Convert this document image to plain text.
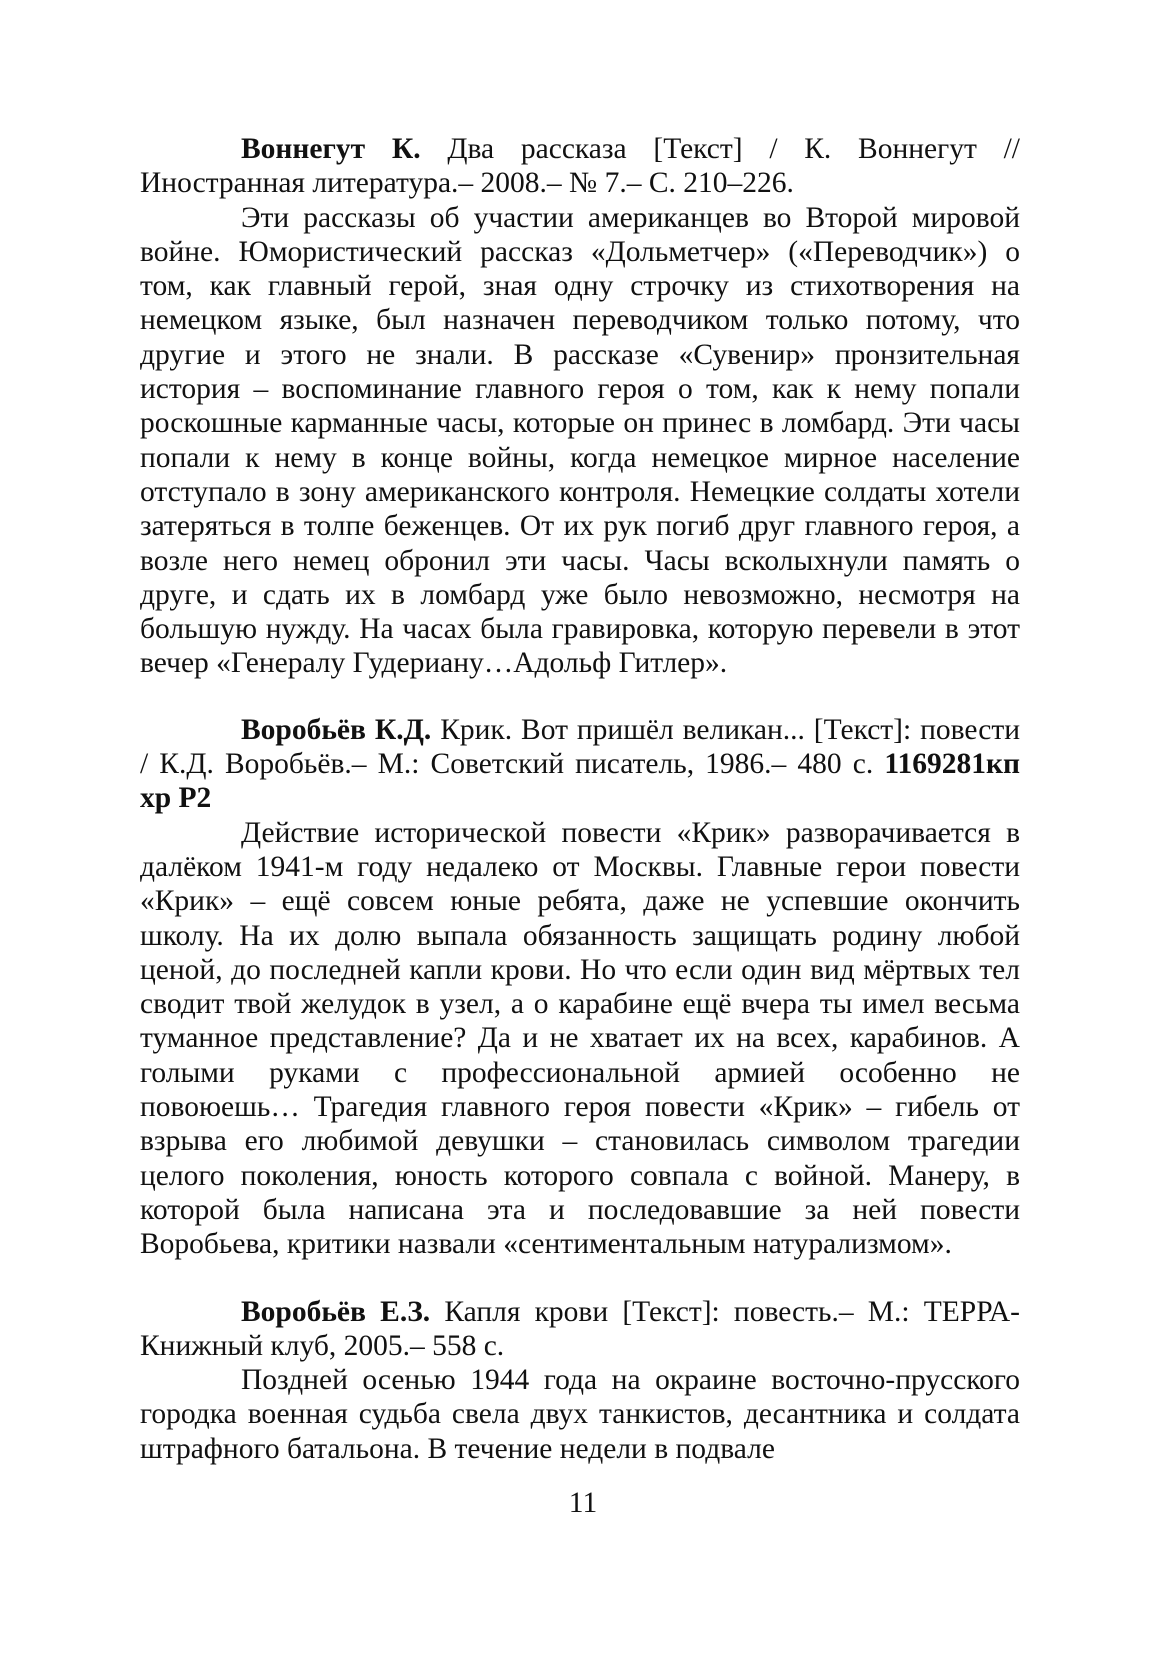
Воннегут К. Два рассказа [Текст] / К. Воннегут // Иностранная литература.– 2008.– № 7.– С. 210–226.

Эти рассказы об участии американцев во Второй мировой войне. Юмористический рассказ «Дольметчер» («Переводчик») о том, как главный герой, зная одну строчку из стихотворения на немецком языке, был назначен переводчиком только потому, что другие и этого не знали. В рассказе «Сувенир» пронзительная история – воспоминание главного героя о том, как к нему попали роскошные карманные часы, которые он принес в ломбард. Эти часы попали к нему в конце войны, когда немецкое мирное население отступало в зону американского контроля. Немецкие солдаты хотели затеряться в толпе беженцев. От их рук погиб друг главного героя, а возле него немец обронил эти часы. Часы всколыхнули память о друге, и сдать их в ломбард уже было невозможно, несмотря на большую нужду. На часах была гравировка, которую перевели в этот вечер «Генералу Гудериану…Адольф Гитлер».

Воробьёв К.Д. Крик. Вот пришёл великан... [Текст]: повести / К.Д. Воробьёв.– М.: Советский писатель, 1986.– 480 с. 1169281кп хр Р2

Действие исторической повести «Крик» разворачивается в далёком 1941-м году недалеко от Москвы. Главные герои повести «Крик» – ещё совсем юные ребята, даже не успевшие окончить школу. На их долю выпала обязанность защищать родину любой ценой, до последней капли крови. Но что если один вид мёртвых тел сводит твой желудок в узел, а о карабине ещё вчера ты имел весьма туманное представление? Да и не хватает их на всех, карабинов. А голыми руками с профессиональной армией особенно не повоюешь… Трагедия главного героя повести «Крик» – гибель от взрыва его любимой девушки – становилась символом трагедии целого поколения, юность которого совпала с войной. Манеру, в которой была написана эта и последовавшие за ней повести Воробьева, критики назвали «сентиментальным натурализмом».

Воробьёв Е.З. Капля крови [Текст]: повесть.– М.: ТЕРРА-Книжный клуб, 2005.– 558 с.

Поздней осенью 1944 года на окраине восточно-прусского городка военная судьба свела двух танкистов, десантника и солдата штрафного батальона. В течение недели в подвале

11
